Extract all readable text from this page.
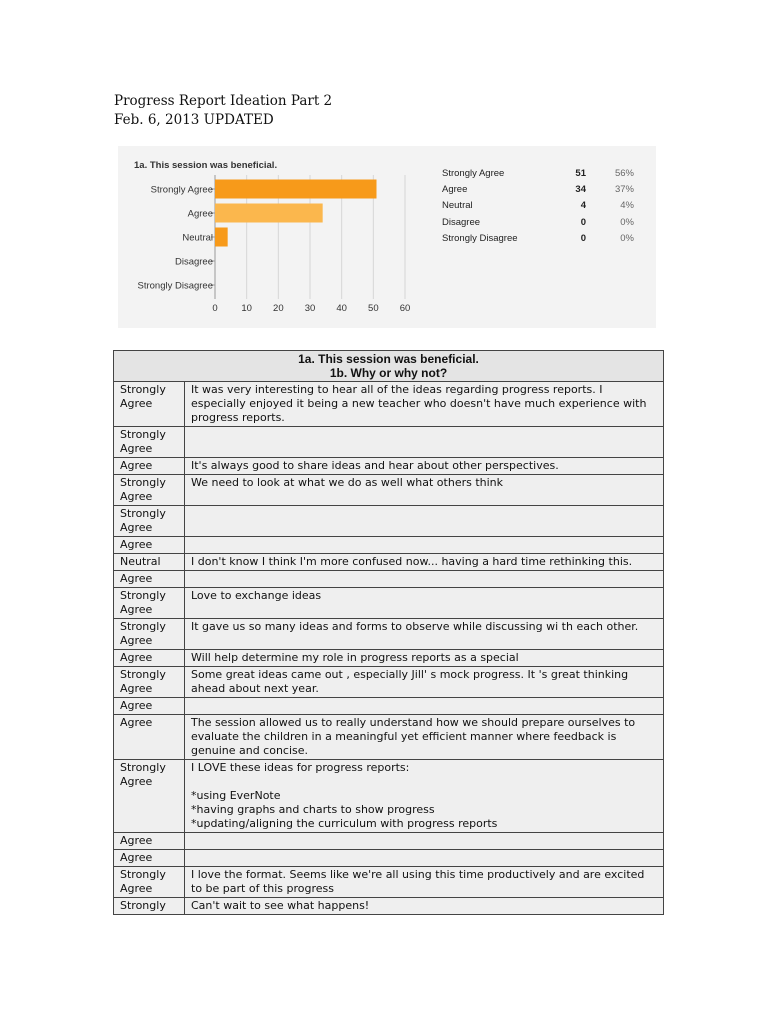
Progress Report Ideation Part 2
Feb. 6, 2013 UPDATED
1a. This session was beneficial.
Strongly Agree
Agree
Neutral
Disagree
Strongly Disagree
0 10 20 30 40 50 60
Strongly Agree	51	56%
Agree	34	37%
Neutral	4	4%
Disagree	0	0%
Strongly Disagree	0	0%
1a. This session was beneficial.
1b. Why or why not?	

Strongly Agree	It was very interesting to hear all of the ideas regarding progress reports. I especially enjoyed it being a new teacher who doesn't have much experience with progress reports.
Strongly Agree	
Agree	It's always good to share ideas and hear about other perspectives.
Strongly Agree	We need to look at what we do as well what others think
Strongly Agree	
Agree	
Neutral	I don't know I think I'm more confused now... having a hard time rethinking this.
Agree	
Strongly Agree	Love to exchange ideas
Strongly Agree	It gave us so many ideas and forms to observe while discussing wi th each other.
Agree	Will help determine my role in progress reports as a special
Strongly Agree	Some great ideas came out , especially Jill' s mock progress. It 's great thinking ahead about next year.
Agree	
Agree	The session allowed us to really understand how we should prepare ourselves to evaluate the children in a meaningful yet efficient manner where feedback is genuine and concise.
Strongly Agree	I LOVE these ideas for progress reports:

*using EverNote
*having graphs and charts to show progress
*updating/aligning the curriculum with progress reports
Agree	
Agree	
Strongly Agree	I love the format. Seems like we're all using this time productively and are excited to be part of this progress
Strongly	Can't wait to see what happens!
